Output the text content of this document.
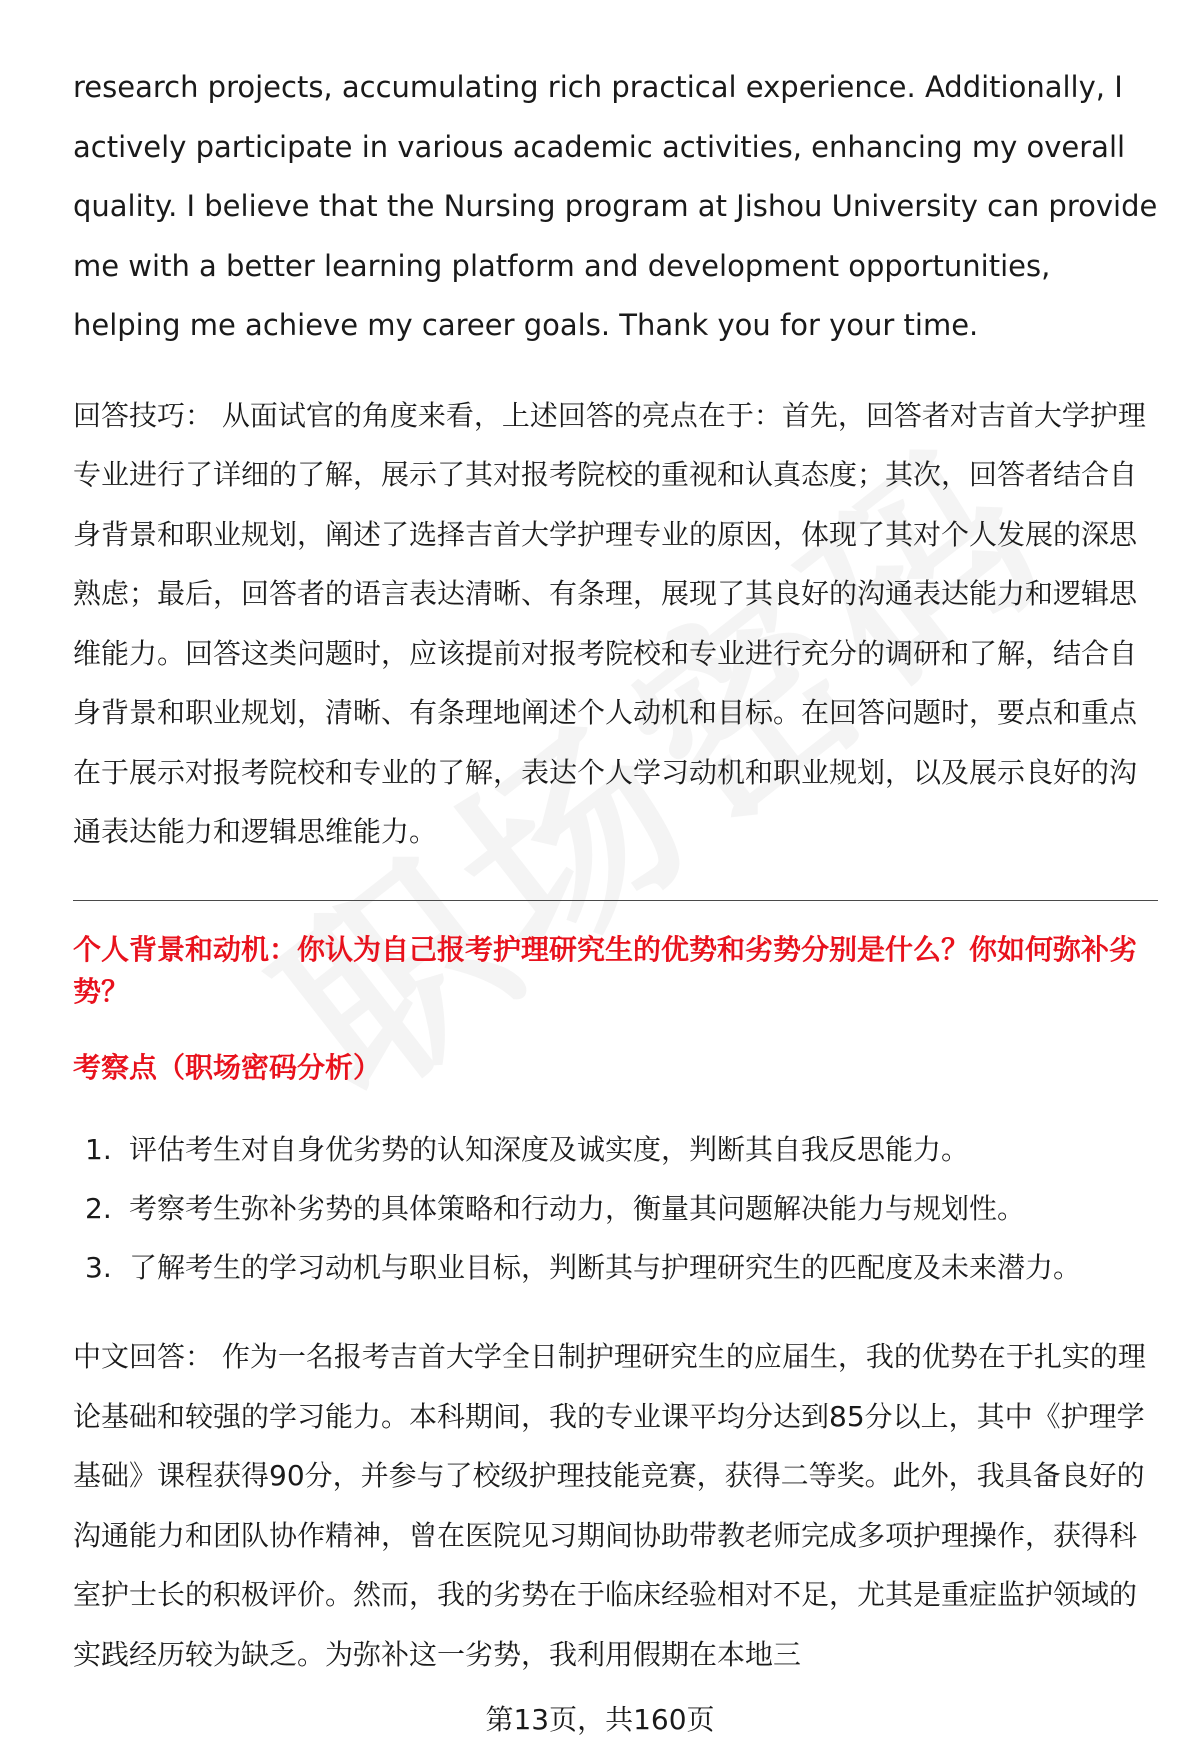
research projects, accumulating rich practical experience. Additionally, I actively participate in various academic activities, enhancing my overall quality. I believe that the Nursing program at Jishou University can provide me with a better learning platform and development opportunities, helping me achieve my career goals. Thank you for your time.

回答技巧： 从面试官的角度来看，上述回答的亮点在于：首先，回答者对吉首大学护理专业进行了详细的了解，展示了其对报考院校的重视和认真态度；其次，回答者结合自身背景和职业规划，阐述了选择吉首大学护理专业的原因，体现了其对个人发展的深思熟虑；最后，回答者的语言表达清晰、有条理，展现了其良好的沟通表达能力和逻辑思维能力。回答这类问题时，应该提前对报考院校和专业进行充分的调研和了解，结合自身背景和职业规划，清晰、有条理地阐述个人动机和目标。在回答问题时，要点和重点在于展示对报考院校和专业的了解，表达个人学习动机和职业规划，以及展示良好的沟通表达能力和逻辑思维能力。

个人背景和动机：你认为自己报考护理研究生的优势和劣势分别是什么？你如何弥补劣势？
考察点（职场密码分析）
1. 评估考生对自身优劣势的认知深度及诚实度，判断其自我反思能力。
2. 考察考生弥补劣势的具体策略和行动力，衡量其问题解决能力与规划性。
3. 了解考生的学习动机与职业目标，判断其与护理研究生的匹配度及未来潜力。

中文回答： 作为一名报考吉首大学全日制护理研究生的应届生，我的优势在于扎实的理论基础和较强的学习能力。本科期间，我的专业课平均分达到85分以上，其中《护理学基础》课程获得90分，并参与了校级护理技能竞赛，获得二等奖。此外，我具备良好的沟通能力和团队协作精神，曾在医院见习期间协助带教老师完成多项护理操作，获得科室护士长的积极评价。然而，我的劣势在于临床经验相对不足，尤其是重症监护领域的实践经历较为缺乏。为弥补这一劣势，我利用假期在本地三

第13页，共160页
